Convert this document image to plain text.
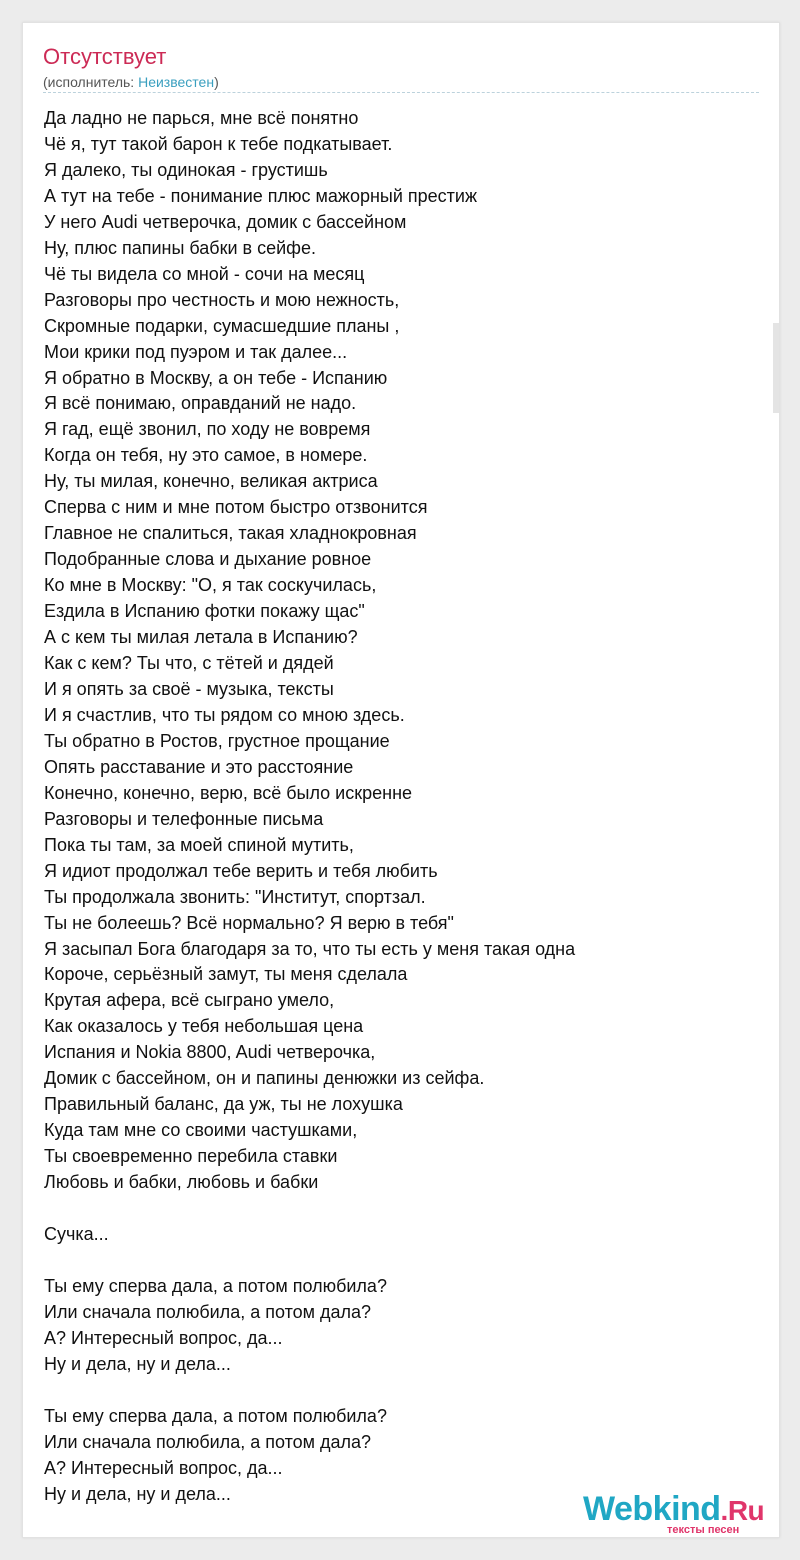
Отсутствует
(исполнитель: Неизвестен)
Да ладно не парься, мне всё понятно
Чё я, тут такой барон к тебе подкатывает.
Я далеко, ты одинокая - грустишь
А тут на тебе - понимание плюс мажорный престиж
У него Audi четверочка, домик с бассейном
Ну, плюс папины бабки в сейфе.
Чё ты видела со мной - сочи на месяц
Разговоры про честность и мою нежность,
Скромные подарки, сумасшедшие планы ,
Мои крики под пуэром и так далее...
Я обратно в Москву, а он тебе - Испанию
Я всё понимаю, оправданий не надо.
Я гад, ещё звонил, по ходу не вовремя
Когда он тебя, ну это самое, в номере.
Ну, ты милая, конечно, великая актриса
Сперва с ним и мне потом быстро отзвонится
Главное не спалиться, такая хладнокровная
Подобранные слова и дыхание ровное
Ко мне в Москву: "О, я так соскучилась,
Ездила в Испанию фотки покажу щас"
А с кем ты милая летала в Испанию?
Как с кем? Ты что, с тётей и дядей
И я опять за своё - музыка, тексты
И я счастлив, что ты рядом со мною здесь.
Ты обратно в Ростов, грустное прощание
Опять расставание и это расстояние
Конечно, конечно, верю, всё было искренне
Разговоры и телефонные письма
Пока ты там, за моей спиной мутить,
Я идиот продолжал тебе верить и тебя любить
Ты продолжала звонить: "Институт, спортзал.
Ты не болеешь? Всё нормально? Я верю в тебя"
Я засыпал Бога благодаря за то, что ты есть у меня такая одна
Короче, серьёзный замут, ты меня сделала
Крутая афера, всё сыграно умело,
Как оказалось у тебя небольшая цена
Испания и Nokia 8800, Audi четверочка,
Домик с бассейном, он и папины денюжки из сейфа.
Правильный баланс, да уж, ты не лохушка
Куда там мне со своими частушками,
Ты своевременно перебила ставки
Любовь и бабки, любовь и бабки

Сучка...

Ты ему сперва дала, а потом полюбила?
Или сначала полюбила, а потом дала?
А? Интересный вопрос, да...
Ну и дела, ну и дела...

Ты ему сперва дала, а потом полюбила?
Или сначала полюбила, а потом дала?
А? Интересный вопрос, да...
Ну и дела, ну и дела...	Webkind.Ru
тексты песен
